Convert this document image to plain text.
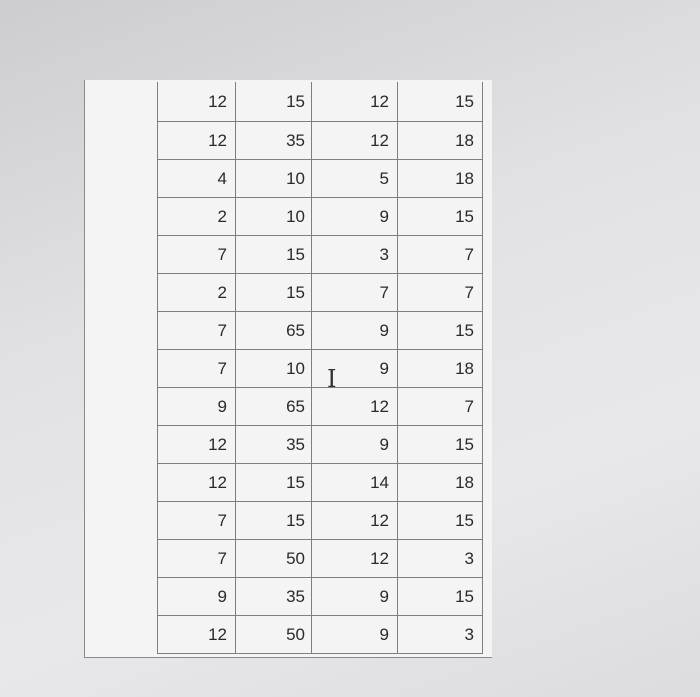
12	15	12	15
12	35	12	18
4	10	5	18
2	10	9	15
7	15	3	7
2	15	7	7
7	65	9	15
7	10	9	18
9	65	12	7
12	35	9	15
12	15	14	18
7	15	12	15
7	50	12	3
9	35	9	15
12	50	9	3
I
